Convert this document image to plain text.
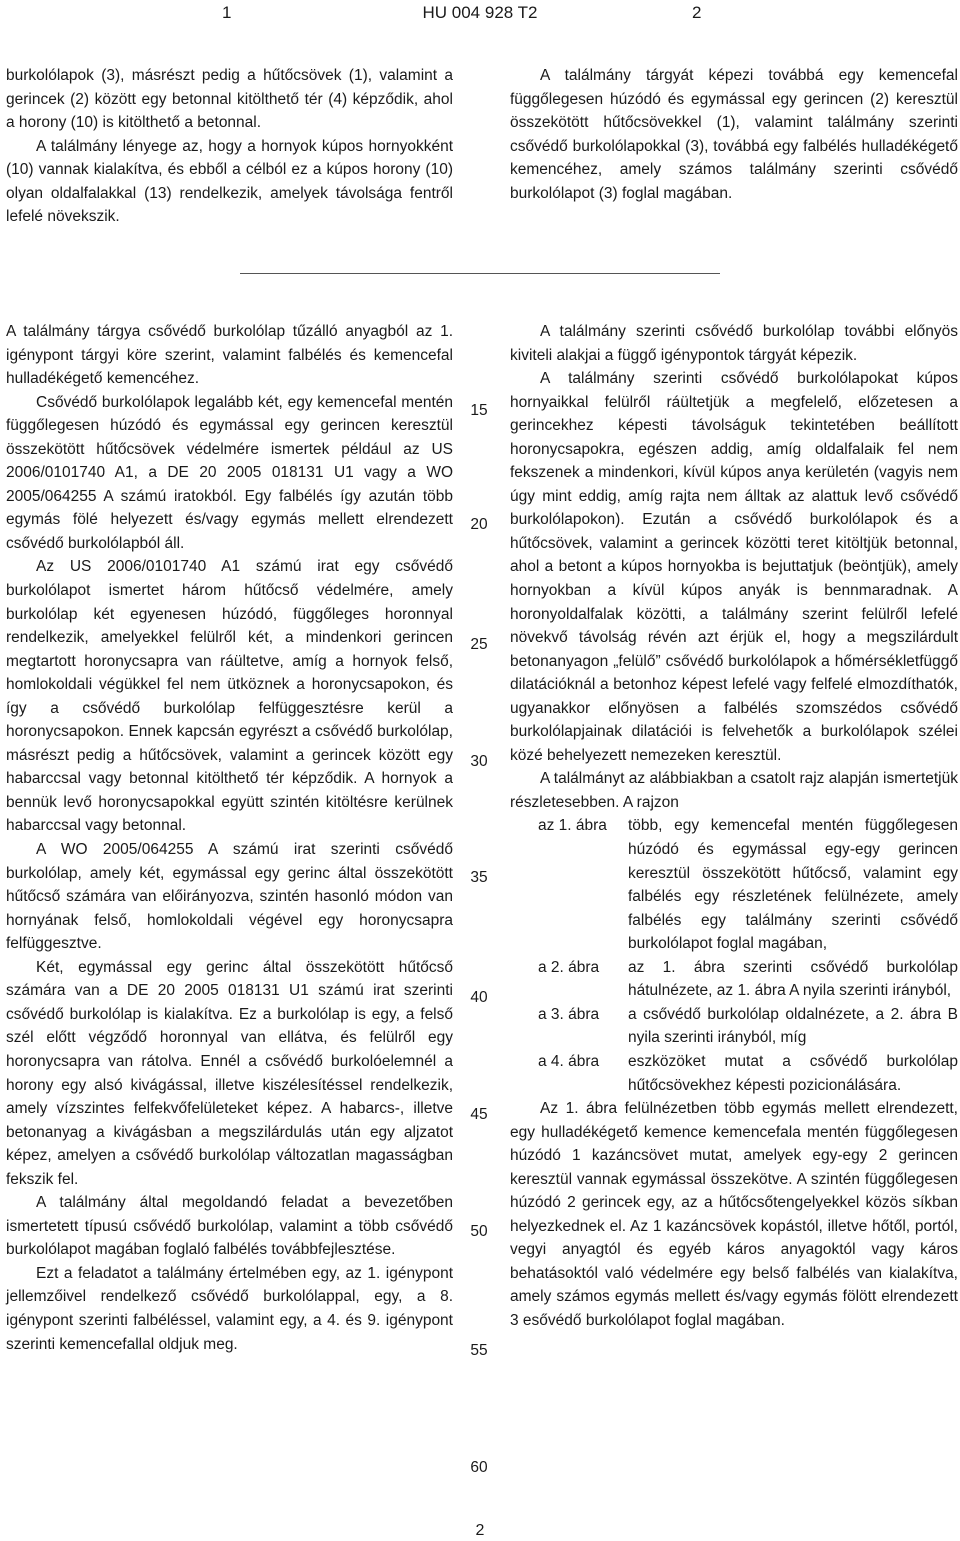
1	HU 004 928 T2	2

burkolólapok (3), másrészt pedig a hűtőcsövek (1), valamint a gerincek (2) között egy betonnal kitölthető tér (4) képződik, ahol a horony (10) is kitölthető a betonnal.

A találmány lényege az, hogy a hornyok kúpos hornyokként (10) vannak kialakítva, és ebből a célból ez a kúpos horony (10) olyan oldalfalakkal (13) rendelkezik, amelyek távolsága fentről lefelé növekszik.

A találmány tárgyát képezi továbbá egy kemencefal függőlegesen húzódó és egymással egy gerincen (2) keresztül összekötött hűtőcsövekkel (1), valamint találmány szerinti csővédő burkolólapokkal (3), továbbá egy falbélés hulladékégető kemencéhez, amely számos találmány szerinti csővédő burkolólapot (3) foglal magában.

A találmány tárgya csővédő burkolólap tűzálló anyagból az 1. igénypont tárgyi köre szerint, valamint falbélés és kemencefal hulladékégető kemencéhez.

Csővédő burkolólapok legalább két, egy kemencefal mentén függőlegesen húzódó és egymással egy gerincen keresztül összekötött hűtőcsövek védelmére ismertek például az US 2006/0101740 A1, a DE 20 2005 018131 U1 vagy a WO 2005/064255 A számú iratokból. Egy falbélés így azután több egymás fölé helyezett és/vagy egymás mellett elrendezett csővédő burkolólapból áll.

Az US 2006/0101740 A1 számú irat egy csővédő burkolólapot ismertet három hűtőcső védelmére, amely burkolólap két egyenesen húzódó, függőleges horonnyal rendelkezik, amelyekkel felülről két, a mindenkori gerincen megtartott horonycsapra van ráültetve, amíg a hornyok felső, homlokoldali végükkel fel nem ütköznek a horonycsapokon, és így a csővédő burkolólap felfüggesztésre kerül a horonycsapokon. Ennek kapcsán egyrészt a csővédő burkolólap, másrészt pedig a hűtőcsövek, valamint a gerincek között egy habarccsal vagy betonnal kitölthető tér képződik. A hornyok a bennük levő horonycsapokkal együtt szintén kitöltésre kerülnek habarccsal vagy betonnal.

A WO 2005/064255 A számú irat szerinti csővédő burkolólap, amely két, egymással egy gerinc által összekötött hűtőcső számára van előirányozva, szintén hasonló módon van hornyának felső, homlokoldali végével egy horonycsapra felfüggesztve.

Két, egymással egy gerinc által összekötött hűtőcső számára van a DE 20 2005 018131 U1 számú irat szerinti csővédő burkolólap is kialakítva. Ez a burkolólap is egy, a felső szél előtt végződő horonnyal van ellátva, és felülről egy horonycsapra van rátolva. Ennél a csővédő burkolóelemnél a horony egy alsó kivágással, illetve kiszélesítéssel rendelkezik, amely vízszintes felfekvőfelületeket képez. A habarcs-, illetve betonanyag a kivágásban a megszilárdulás után egy aljzatot képez, amelyen a csővédő burkolólap változatlan magasságban fekszik fel.

A találmány által megoldandó feladat a bevezetőben ismertetett típusú csővédő burkolólap, valamint a több csővédő burkolólapot magában foglaló falbélés továbbfejlesztése.

Ezt a feladatot a találmány értelmében egy, az 1. igénypont jellemzőivel rendelkező csővédő burkolólappal, egy, a 8. igénypont szerinti falbéléssel, valamint egy, a 4. és 9. igénypont szerinti kemencefallal oldjuk meg.

15
20
25
30
35
40
45
50
55
60

A találmány szerinti csővédő burkolólap további előnyös kiviteli alakjai a függő igénypontok tárgyát képezik.

A találmány szerinti csővédő burkolólapokat kúpos hornyaikkal felülről ráültetjük a megfelelő, előzetesen a gerincekhez képesti távolságuk tekintetében beállított horonycsapokra, egészen addig, amíg oldalfalaik fel nem fekszenek a mindenkori, kívül kúpos anya kerületén (vagyis nem úgy mint eddig, amíg rajta nem álltak az alattuk levő csővédő burkolólapokon). Ezután a csővédő burkolólapok és a hűtőcsövek, valamint a gerincek közötti teret kitöltjük betonnal, ahol a betont a kúpos hornyokba is bejuttatjuk (beöntjük), amely hornyokban a kívül kúpos anyák is bennmaradnak. A horonyoldalfalak közötti, a találmány szerint felülről lefelé növekvő távolság révén azt érjük el, hogy a megszilárdult betonanyagon „felülő” csővédő burkolólapok a hőmérsékletfüggő dilatációknál a betonhoz képest lefelé vagy felfelé elmozdíthatók, ugyanakkor előnyösen a falbélés szomszédos csővédő burkolólapjainak dilatációi is felvehetők a burkolólapok szélei közé behelyezett nemezeken keresztül.

A találmányt az alábbiakban a csatolt rajz alapján ismertetjük részletesebben. A rajzon

az 1. ábra	több, egy kemencefal mentén függőlegesen húzódó és egymással egy-egy gerincen keresztül összekötött hűtőcső, valamint egy falbélés egy részletének felülnézete, amely falbélés egy találmány szerinti csővédő burkolólapot foglal magában,
a 2. ábra	az 1. ábra szerinti csővédő burkolólap hátulnézete, az 1. ábra A nyila szerinti irányból,
a 3. ábra	a csővédő burkolólap oldalnézete, a 2. ábra B nyila szerinti irányból, míg
a 4. ábra	eszközöket mutat a csővédő burkolólap hűtőcsövekhez képesti pozicionálására.

Az 1. ábra felülnézetben több egymás mellett elrendezett, egy hulladékégető kemence kemencefala mentén függőlegesen húzódó 1 kazáncsövet mutat, amelyek egy-egy 2 gerincen keresztül vannak egymással összekötve. A szintén függőlegesen húzódó 2 gerincek egy, az a hűtőcsőtengelyekkel közös síkban helyezkednek el. Az 1 kazáncsövek kopástól, illetve hőtől, portól, vegyi anyagtól és egyéb káros anyagoktól vagy káros behatásoktól való védelmére egy belső falbélés van kialakítva, amely számos egymás mellett és/vagy egymás fölött elrendezett 3 esővédő burkolólapot foglal magában.

2
